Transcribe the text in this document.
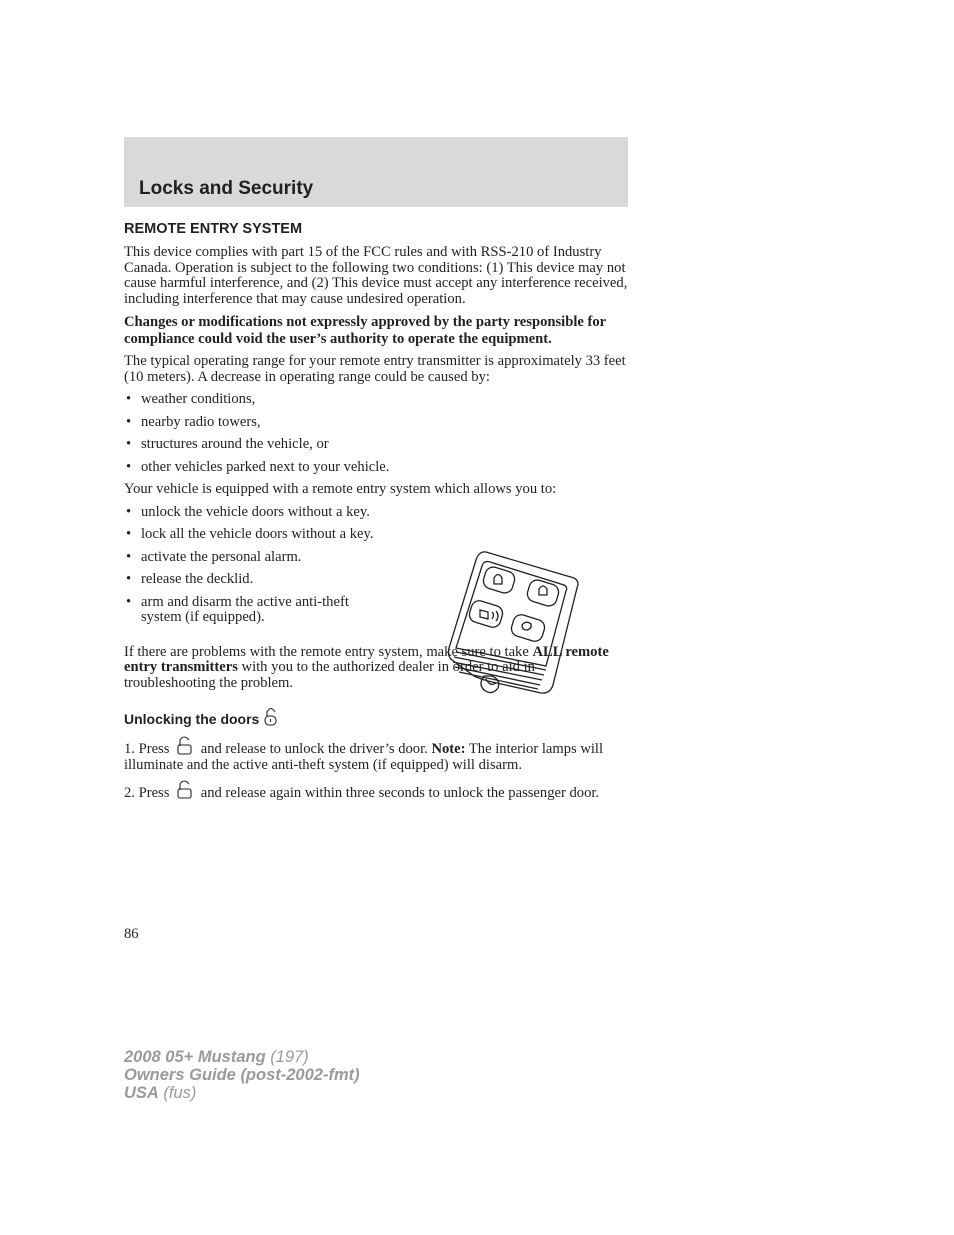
Locks and Security
REMOTE ENTRY SYSTEM

This device complies with part 15 of the FCC rules and with RSS-210 of Industry Canada. Operation is subject to the following two conditions: (1) This device may not cause harmful interference, and (2) This device must accept any interference received, including interference that may cause undesired operation.

Changes or modifications not expressly approved by the party responsible for compliance could void the user’s authority to operate the equipment.

The typical operating range for your remote entry transmitter is approximately 33 feet (10 meters). A decrease in operating range could be caused by:

• weather conditions,
• nearby radio towers,
• structures around the vehicle, or
• other vehicles parked next to your vehicle.

Your vehicle is equipped with a remote entry system which allows you to:

• unlock the vehicle doors without a key.
• lock all the vehicle doors without a key.
• activate the personal alarm.
• release the decklid.
• arm and disarm the active anti-theft system (if equipped).

If there are problems with the remote entry system, make sure to take ALL remote entry transmitters with you to the authorized dealer in order to aid in troubleshooting the problem.

Unlocking the doors

1. Press  and release to unlock the driver’s door. Note: The interior lamps will illuminate and the active anti-theft system (if equipped) will disarm.

2. Press  and release again within three seconds to unlock the passenger door.

86
2008 05+ Mustang (197)
Owners Guide (post-2002-fmt)
USA (fus)
